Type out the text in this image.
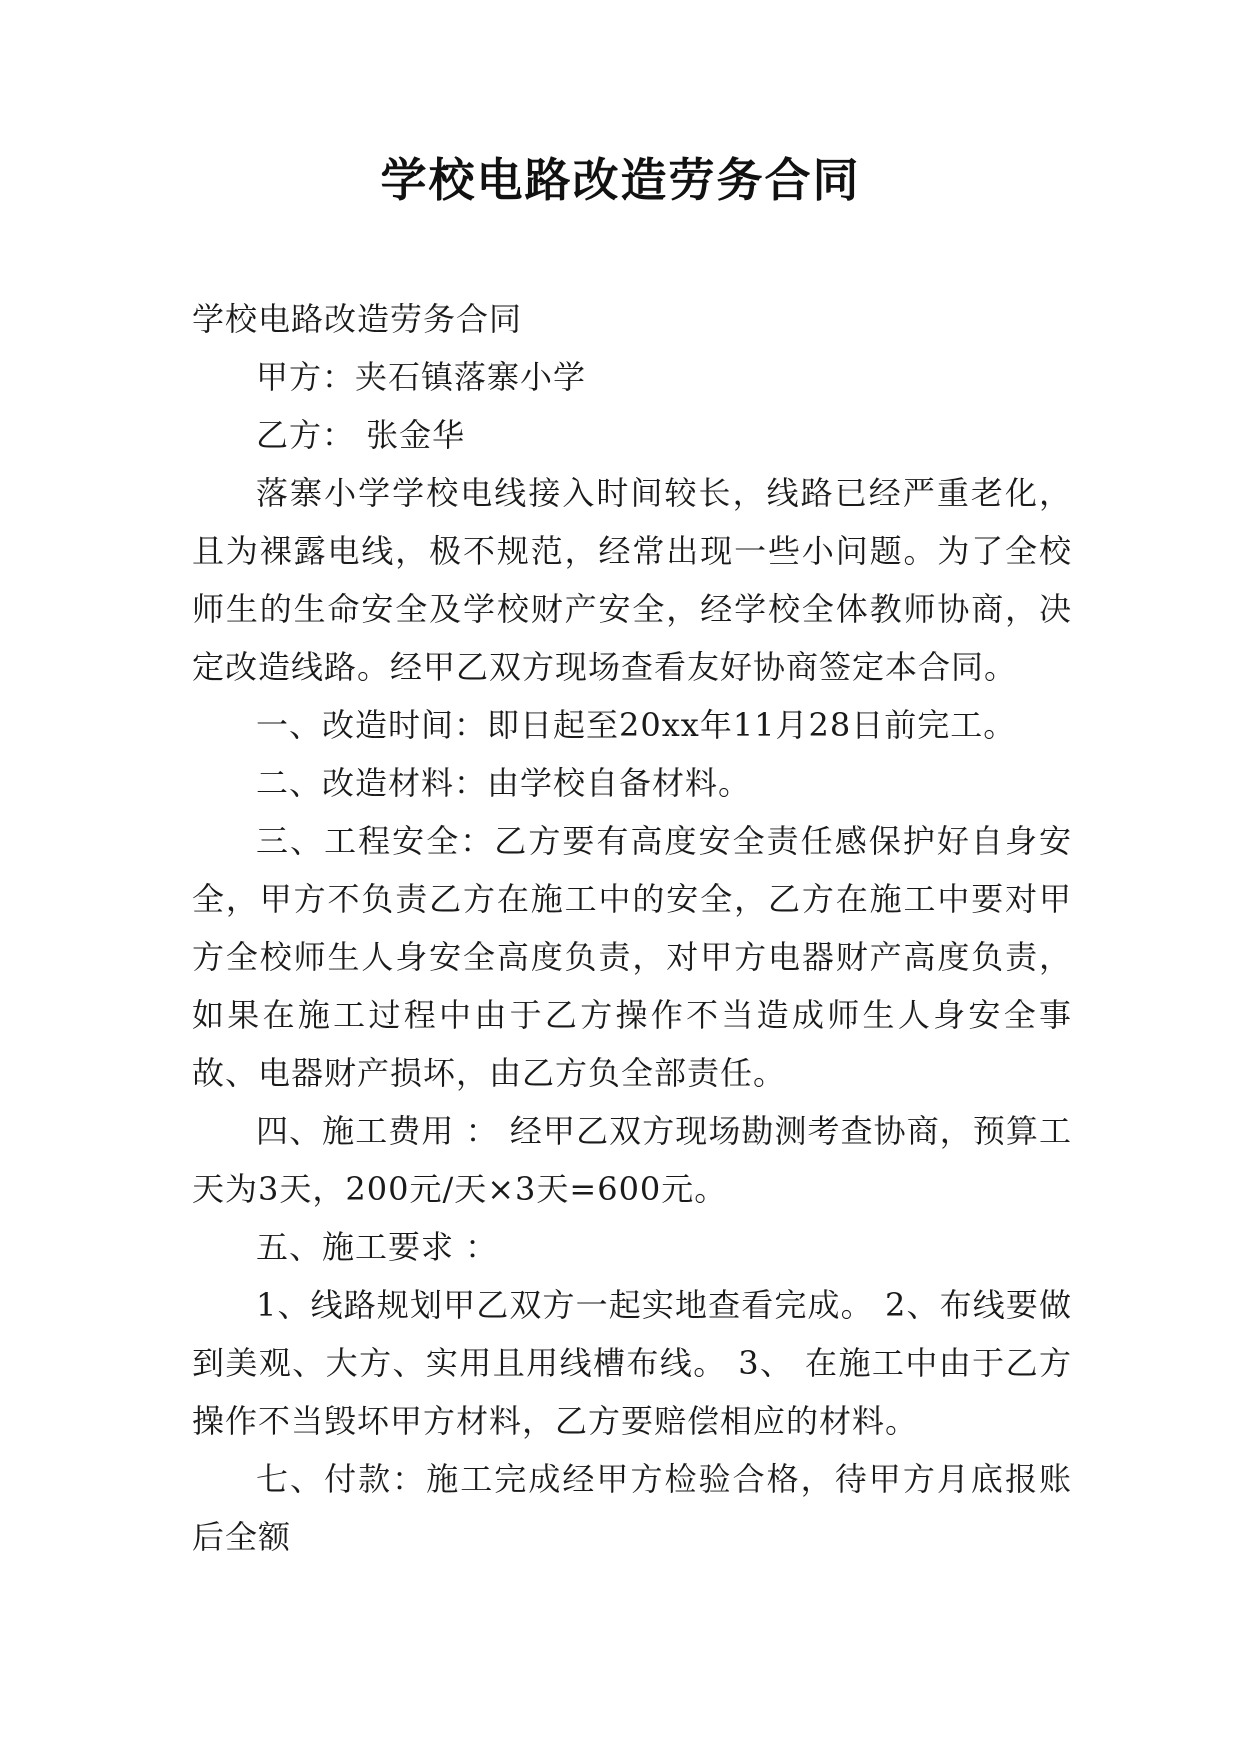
学校电路改造劳务合同

学校电路改造劳务合同

甲方：夹石镇落寨小学

乙方： 张金华

落寨小学学校电线接入时间较长，线路已经严重老化，且为裸露电线，极不规范，经常出现一些小问题。为了全校师生的生命安全及学校财产安全，经学校全体教师协商，决定改造线路。经甲乙双方现场查看友好协商签定本合同。

一、改造时间：即日起至20xx年11月28日前完工。

二、改造材料：由学校自备材料。

三、工程安全：乙方要有高度安全责任感保护好自身安全，甲方不负责乙方在施工中的安全，乙方在施工中要对甲方全校师生人身安全高度负责，对甲方电器财产高度负责，如果在施工过程中由于乙方操作不当造成师生人身安全事故、电器财产损坏，由乙方负全部责任。

四、施工费用 ： 经甲乙双方现场勘测考查协商，预算工天为3天，200元/天×3天=600元。

五、施工要求 ：

1、线路规划甲乙双方一起实地查看完成。 2、布线要做到美观、大方、实用且用线槽布线。 3、 在施工中由于乙方操作不当毁坏甲方材料，乙方要赔偿相应的材料。

七、付款：施工完成经甲方检验合格，待甲方月底报账后全额
